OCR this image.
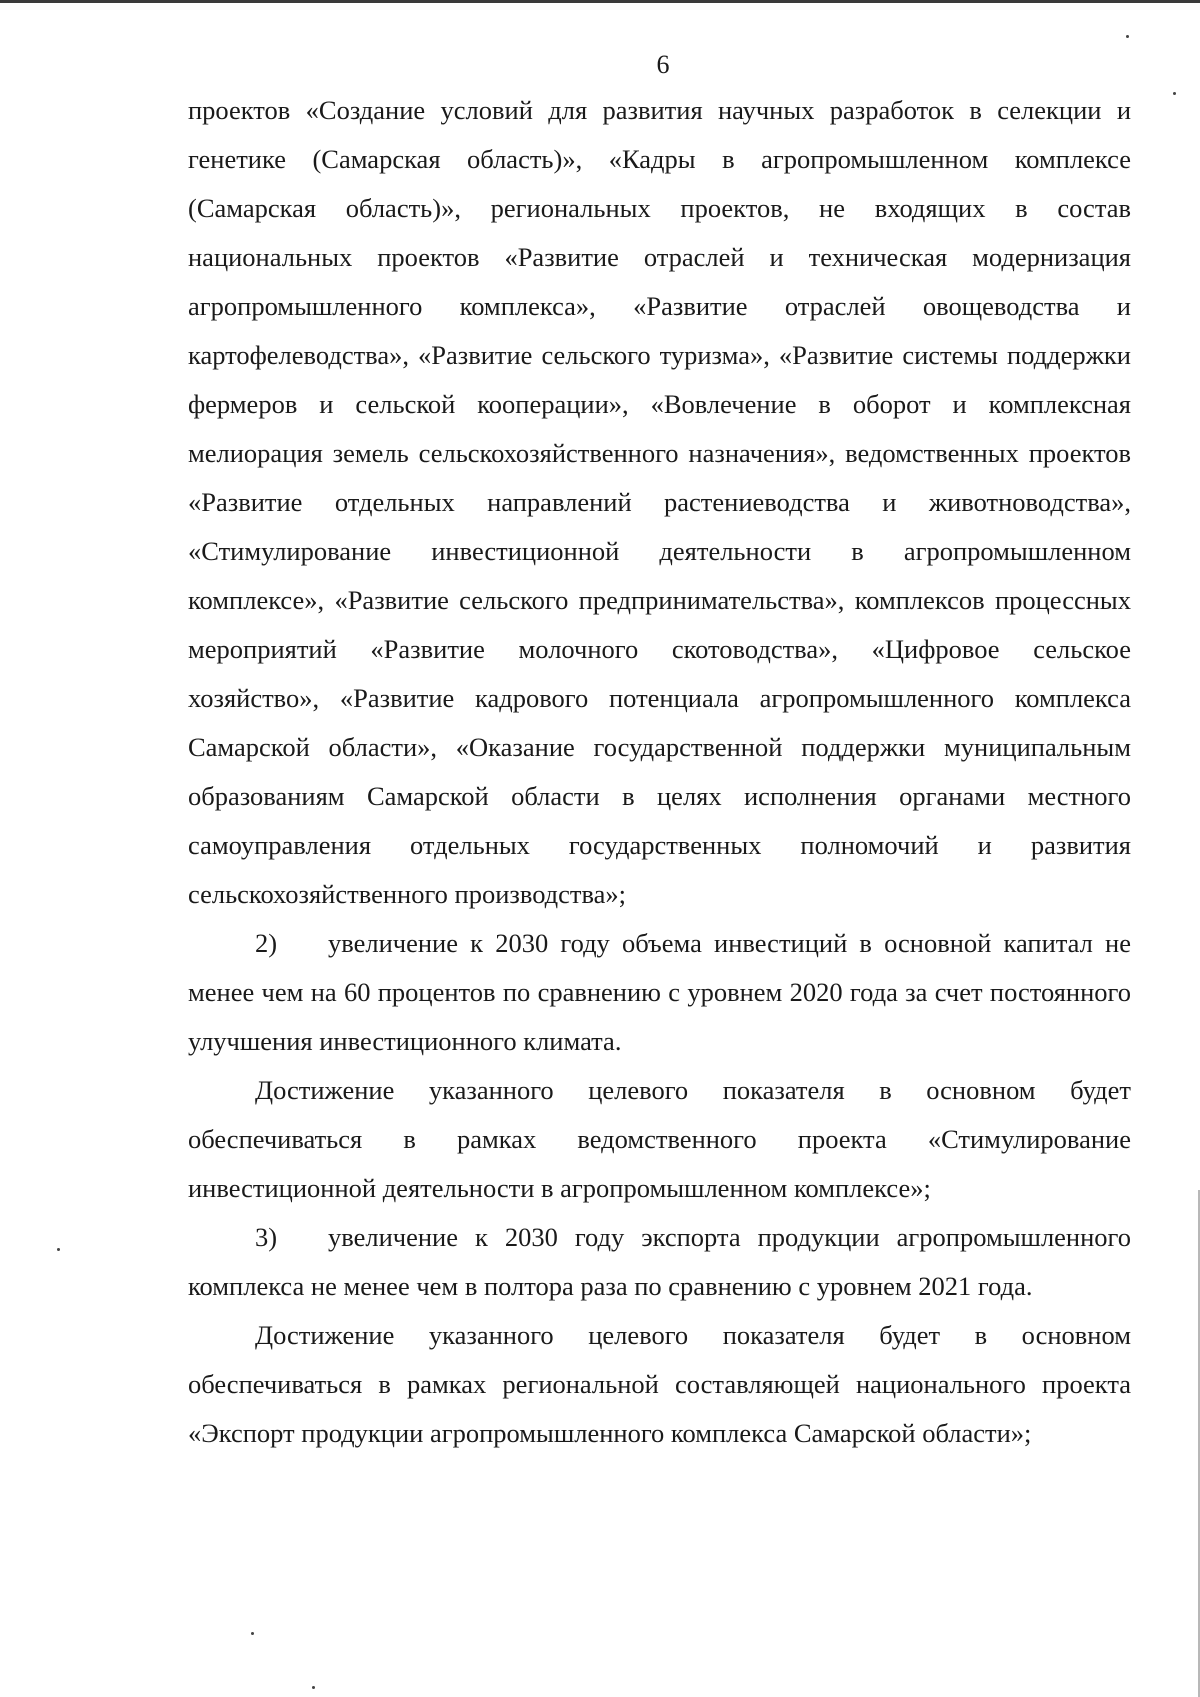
6

проектов «Создание условий для развития научных разработок в селекции и генетике (Самарская область)», «Кадры в агропромышленном комплексе (Самарская область)», региональных проектов, не входящих в состав национальных проектов «Развитие отраслей и техническая модернизация агропромышленного комплекса», «Развитие отраслей овощеводства и картофелеводства», «Развитие сельского туризма», «Развитие системы поддержки фермеров и сельской кооперации», «Вовлечение в оборот и комплексная мелиорация земель сельскохозяйственного назначения», ведомственных проектов «Развитие отдельных направлений растениеводства и животноводства», «Стимулирование инвестиционной деятельности в агропромышленном комплексе», «Развитие сельского предпринимательства», комплексов процессных мероприятий «Развитие молочного скотоводства», «Цифровое сельское хозяйство», «Развитие кадрового потенциала агропромышленного комплекса Самарской области», «Оказание государственной поддержки муниципальным образованиям Самарской области в целях исполнения органами местного самоуправления отдельных государственных полномочий и развития сельскохозяйственного производства»;

2) увеличение к 2030 году объема инвестиций в основной капитал не менее чем на 60 процентов по сравнению с уровнем 2020 года за счет постоянного улучшения инвестиционного климата.

Достижение указанного целевого показателя в основном будет обеспечиваться в рамках ведомственного проекта «Стимулирование инвестиционной деятельности в агропромышленном комплексе»;

3) увеличение к 2030 году экспорта продукции агропромышленного комплекса не менее чем в полтора раза по сравнению с уровнем 2021 года.

Достижение указанного целевого показателя будет в основном обеспечиваться в рамках региональной составляющей национального проекта «Экспорт продукции агропромышленного комплекса Самарской области»;
